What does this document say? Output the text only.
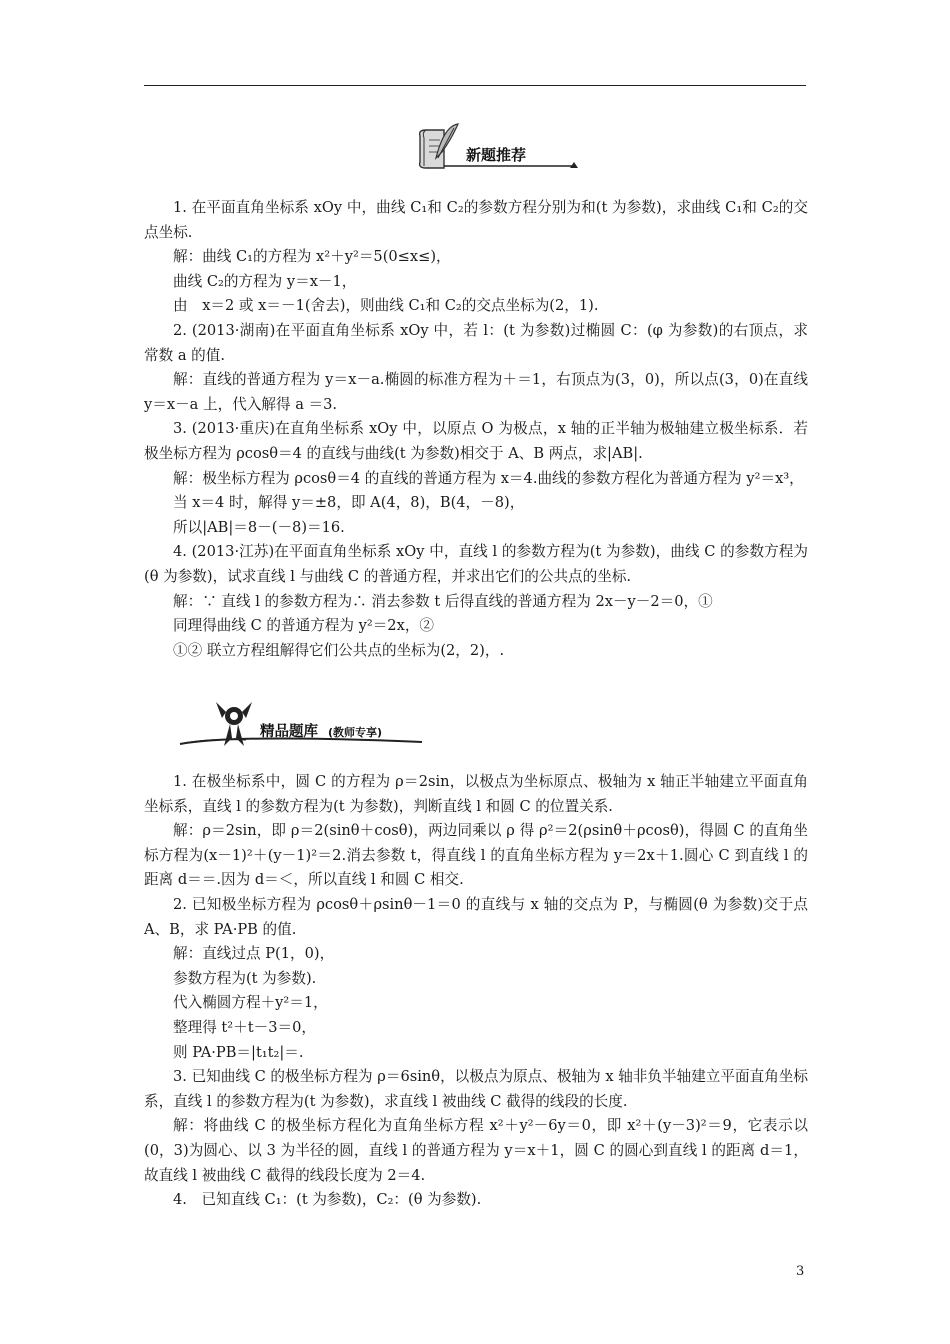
新题推荐

1. 在平面直角坐标系 xOy 中，曲线 C₁和 C₂的参数方程分别为和(t 为参数)，求曲线 C₁和 C₂的交点坐标.

解：曲线 C₁的方程为 x²＋y²＝5(0≤x≤)，

曲线 C₂的方程为 y＝x－1，

由　x＝2 或 x＝－1(舍去)，则曲线 C₁和 C₂的交点坐标为(2，1).

2. (2013·湖南)在平面直角坐标系 xOy 中，若 l：(t 为参数)过椭圆 C：(φ 为参数)的右顶点，求常数 a 的值.

解：直线的普通方程为 y＝x－a.椭圆的标准方程为＋＝1，右顶点为(3，0)，所以点(3，0)在直线 y＝x－a 上，代入解得 a ＝3.

3. (2013·重庆)在直角坐标系 xOy 中，以原点 O 为极点，x 轴的正半轴为极轴建立极坐标系．若极坐标方程为 ρcosθ＝4 的直线与曲线(t 为参数)相交于 A、B 两点，求|AB|.

解：极坐标方程为 ρcosθ＝4 的直线的普通方程为 x＝4.曲线的参数方程化为普通方程为 y²＝x³，

当 x＝4 时，解得 y＝±8，即 A(4，8)，B(4，－8)，

所以|AB|＝8－(－8)＝16.

4. (2013·江苏)在平面直角坐标系 xOy 中，直线 l 的参数方程为(t 为参数)，曲线 C 的参数方程为(θ 为参数)，试求直线 l 与曲线 C 的普通方程，并求出它们的公共点的坐标.

解：∵ 直线 l 的参数方程为∴ 消去参数 t 后得直线的普通方程为 2x－y－2＝0，①

同理得曲线 C 的普通方程为 y²＝2x，②

①② 联立方程组解得它们公共点的坐标为(2，2)，.

精品题库 (教师专享)

1. 在极坐标系中，圆 C 的方程为 ρ＝2sin，以极点为坐标原点、极轴为 x 轴正半轴建立平面直角坐标系，直线 l 的参数方程为(t 为参数)，判断直线 l 和圆 C 的位置关系.

解：ρ＝2sin，即 ρ＝2(sinθ＋cosθ)，两边同乘以 ρ 得 ρ²＝2(ρsinθ＋ρcosθ)，得圆 C 的直角坐标方程为(x－1)²＋(y－1)²＝2.消去参数 t，得直线 l 的直角坐标方程为 y＝2x＋1.圆心 C 到直线 l 的距离 d＝＝.因为 d＝＜，所以直线 l 和圆 C 相交.

2. 已知极坐标方程为 ρcosθ＋ρsinθ－1＝0 的直线与 x 轴的交点为 P，与椭圆(θ 为参数)交于点 A、B，求 PA·PB 的值.

解：直线过点 P(1，0)，

参数方程为(t 为参数).

代入椭圆方程＋y²＝1，

整理得 t²＋t－3＝0，

则 PA·PB＝|t₁t₂|＝.

3. 已知曲线 C 的极坐标方程为 ρ＝6sinθ，以极点为原点、极轴为 x 轴非负半轴建立平面直角坐标系，直线 l 的参数方程为(t 为参数)，求直线 l 被曲线 C 截得的线段的长度.

解：将曲线 C 的极坐标方程化为直角坐标方程 x²＋y²－6y＝0，即 x²＋(y－3)²＝9，它表示以(0，3)为圆心、以 3 为半径的圆，直线 l 的普通方程为 y＝x＋1，圆 C 的圆心到直线 l 的距离 d＝1，故直线 l 被曲线 C 截得的线段长度为 2＝4.

4.　已知直线 C₁：(t 为参数)，C₂：(θ 为参数).

3
